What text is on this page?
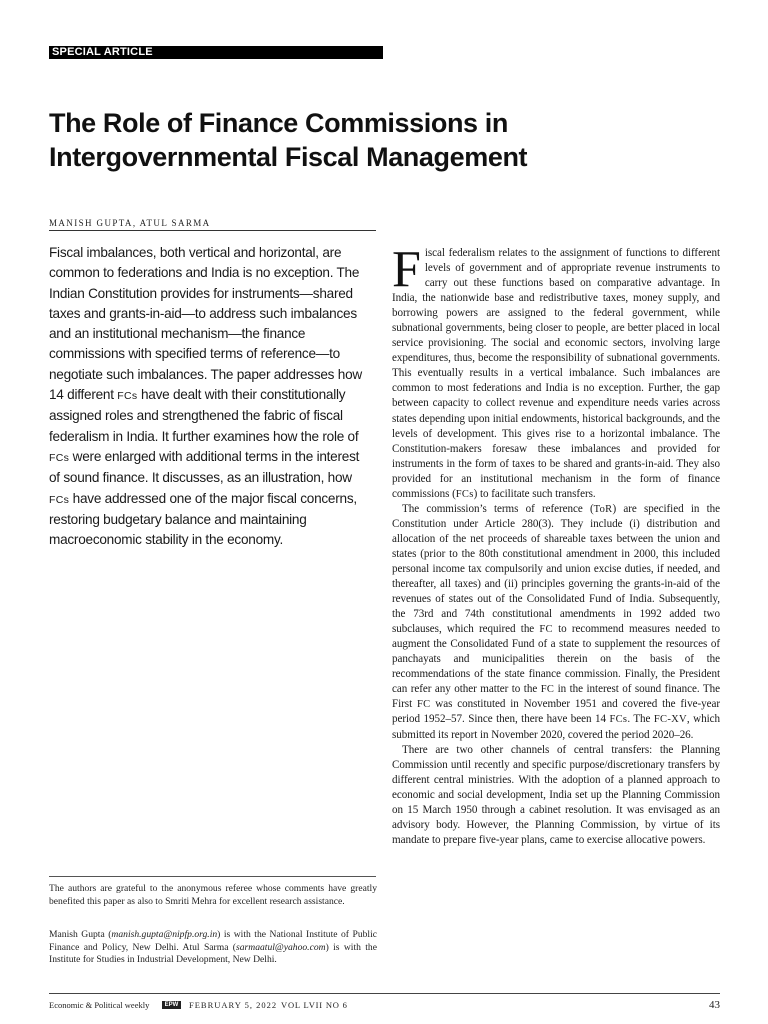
SPECIAL ARTICLE
The Role of Finance Commissions in Intergovernmental Fiscal Management
MANISH GUPTA, ATUL SARMA

Fiscal imbalances, both vertical and horizontal, are common to federations and India is no exception. The Indian Constitution provides for instruments—shared taxes and grants-in-aid—to address such imbalances and an institutional mechanism—the finance commissions with specified terms of reference—to negotiate such imbalances. The paper addresses how 14 different FCs have dealt with their constitutionally assigned roles and strengthened the fabric of fiscal federalism in India. It further examines how the role of FCs were enlarged with additional terms in the interest of sound finance. It discusses, as an illustration, how FCs have addressed one of the major fiscal concerns, restoring budgetary balance and maintaining macroeconomic stability in the economy.

The authors are grateful to the anonymous referee whose comments have greatly benefited this paper as also to Smriti Mehra for excellent research assistance.

Manish Gupta (manish.gupta@nipfp.org.in) is with the National Institute of Public Finance and Policy, New Delhi. Atul Sarma (sarmaatul@yahoo.com) is with the Institute for Studies in Industrial Development, New Delhi.

Fiscal federalism relates to the assignment of functions to different levels of government and of appropriate revenue instruments to carry out these functions based on comparative advantage. In India, the nationwide base and redistributive taxes, money supply, and borrowing powers are assigned to the federal government, while subnational governments, being closer to people, are better placed in local service provisioning. The social and economic sectors, involving large expenditures, thus, become the responsibility of subnational governments. This eventually results in a vertical imbalance. Such imbalances are common to most federations and India is no exception. Further, the gap between capacity to collect revenue and expenditure needs varies across states depending upon initial endowments, historical backgrounds, and the levels of development. This gives rise to a horizontal imbalance. The Constitution-makers foresaw these imbalances and provided for instruments in the form of taxes to be shared and grants-in-aid. They also provided for an institutional mechanism in the form of finance commissions (FCs) to facilitate such transfers.

The commission’s terms of reference (ToR) are specified in the Constitution under Article 280(3). They include (i) distribution and allocation of the net proceeds of shareable taxes between the union and states (prior to the 80th constitutional amendment in 2000, this included personal income tax compulsorily and union excise duties, if needed, and thereafter, all taxes) and (ii) principles governing the grants-in-aid of the revenues of states out of the Consolidated Fund of India. Subsequently, the 73rd and 74th constitutional amendments in 1992 added two subclauses, which required the FC to recommend measures needed to augment the Consolidated Fund of a state to supplement the resources of panchayats and municipalities therein on the basis of the recommendations of the state finance commission. Finally, the President can refer any other matter to the FC in the interest of sound finance. The First FC was constituted in November 1951 and covered the five-year period 1952–57. Since then, there have been 14 FCs. The FC-XV, which submitted its report in November 2020, covered the period 2020–26.

There are two other channels of central transfers: the Planning Commission until recently and specific purpose/discretionary transfers by different central ministries. With the adoption of a planned approach to economic and social development, India set up the Planning Commission on 15 March 1950 through a cabinet resolution. It was envisaged as an advisory body. However, the Planning Commission, by virtue of its mandate to prepare five-year plans, came to exercise allocative powers.

Economic & Political weekly	EPW	FEBRUARY 5, 2022 VOL LVII NO 6	43
